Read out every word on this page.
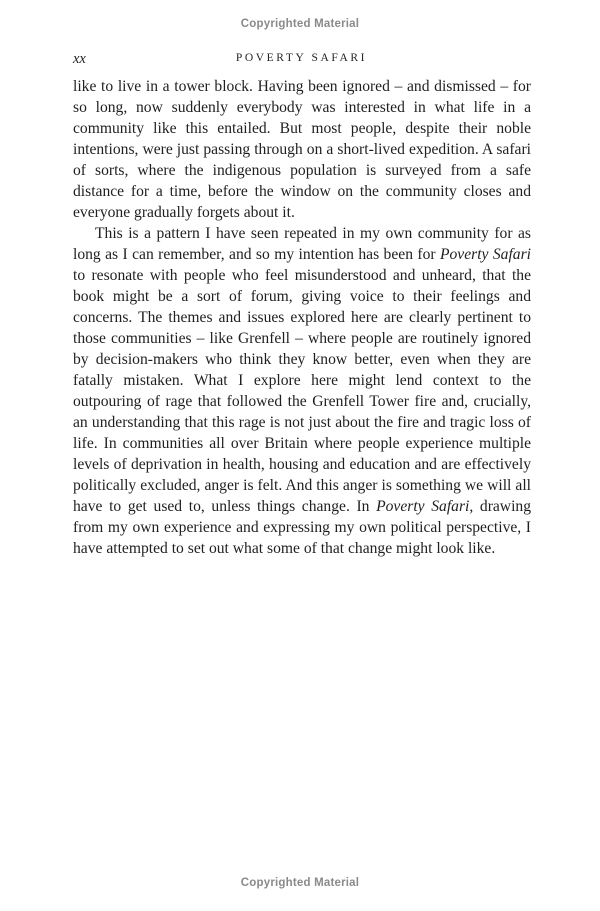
Copyrighted Material
xx	POVERTY SAFARI

like to live in a tower block. Having been ignored – and dismissed – for so long, now suddenly everybody was interested in what life in a community like this entailed. But most people, despite their noble intentions, were just passing through on a short-lived expedition. A safari of sorts, where the indigenous population is surveyed from a safe distance for a time, before the window on the community closes and everyone gradually forgets about it.

This is a pattern I have seen repeated in my own community for as long as I can remember, and so my intention has been for Poverty Safari to resonate with people who feel misunderstood and unheard, that the book might be a sort of forum, giving voice to their feelings and concerns. The themes and issues explored here are clearly pertinent to those communities – like Grenfell – where people are routinely ignored by decision-makers who think they know better, even when they are fatally mistaken. What I explore here might lend context to the outpouring of rage that followed the Grenfell Tower fire and, crucially, an understanding that this rage is not just about the fire and tragic loss of life. In communities all over Britain where people experience multiple levels of deprivation in health, housing and education and are effectively politically excluded, anger is felt. And this anger is something we will all have to get used to, unless things change. In Poverty Safari, drawing from my own experience and expressing my own political perspective, I have attempted to set out what some of that change might look like.

Copyrighted Material
